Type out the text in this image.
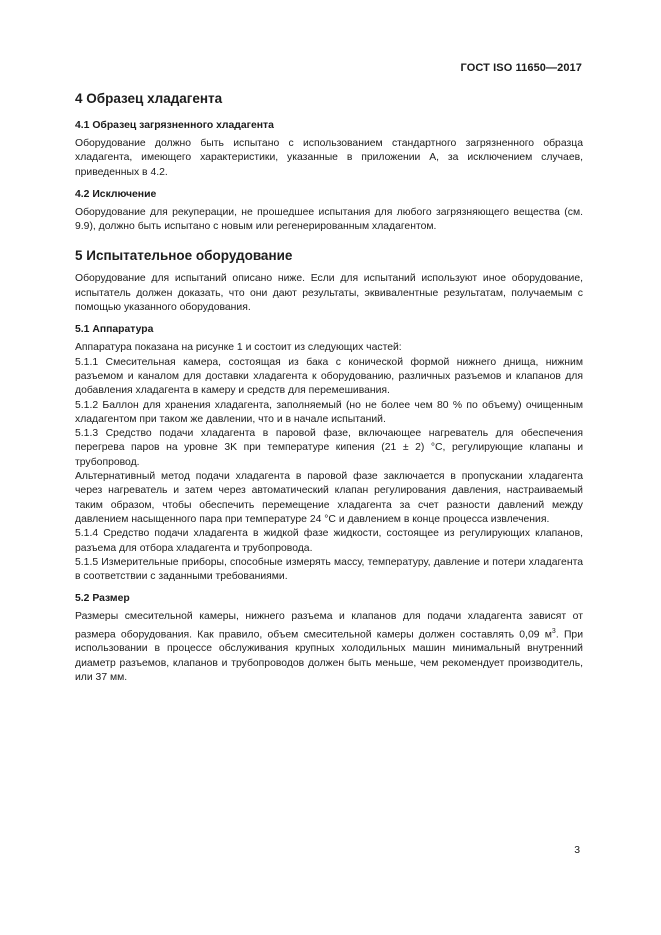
ГОСТ ISO 11650—2017
4 Образец хладагента
4.1 Образец загрязненного хладагента

Оборудование должно быть испытано с использованием стандартного загрязненного образца хладагента, имеющего характеристики, указанные в приложении А, за исключением случаев, приведенных в 4.2.

4.2 Исключение

Оборудование для рекуперации, не прошедшее испытания для любого загрязняющего вещества (см. 9.9), должно быть испытано с новым или регенерированным хладагентом.

5 Испытательное оборудование

Оборудование для испытаний описано ниже. Если для испытаний используют иное оборудование, испытатель должен доказать, что они дают результаты, эквивалентные результатам, получаемым с помощью указанного оборудования.

5.1 Аппаратура

Аппаратура показана на рисунке 1 и состоит из следующих частей:

5.1.1 Смесительная камера, состоящая из бака с конической формой нижнего днища, нижним разъемом и каналом для доставки хладагента к оборудованию, различных разъемов и клапанов для добавления хладагента в камеру и средств для перемешивания.

5.1.2 Баллон для хранения хладагента, заполняемый (но не более чем 80 % по объему) очищенным хладагентом при таком же давлении, что и в начале испытаний.

5.1.3 Средство подачи хладагента в паровой фазе, включающее нагреватель для обеспечения перегрева паров на уровне 3K при температуре кипения (21 ± 2) °С, регулирующие клапаны и трубопровод.

Альтернативный метод подачи хладагента в паровой фазе заключается в пропускании хладагента через нагреватель и затем через автоматический клапан регулирования давления, настраиваемый таким образом, чтобы обеспечить перемещение хладагента за счет разности давлений между давлением насыщенного пара при температуре 24 °С и давлением в конце процесса извлечения.

5.1.4 Средство подачи хладагента в жидкой фазе жидкости, состоящее из регулирующих клапанов, разъема для отбора хладагента и трубопровода.

5.1.5 Измерительные приборы, способные измерять массу, температуру, давление и потери хладагента в соответствии с заданными требованиями.

5.2 Размер

Размеры смесительной камеры, нижнего разъема и клапанов для подачи хладагента зависят от размера оборудования. Как правило, объем смесительной камеры должен составлять 0,09 $м^3$. При использовании в процессе обслуживания крупных холодильных машин минимальный внутренний диаметр разъемов, клапанов и трубопроводов должен быть меньше, чем рекомендует производитель, или 37 мм.

3
